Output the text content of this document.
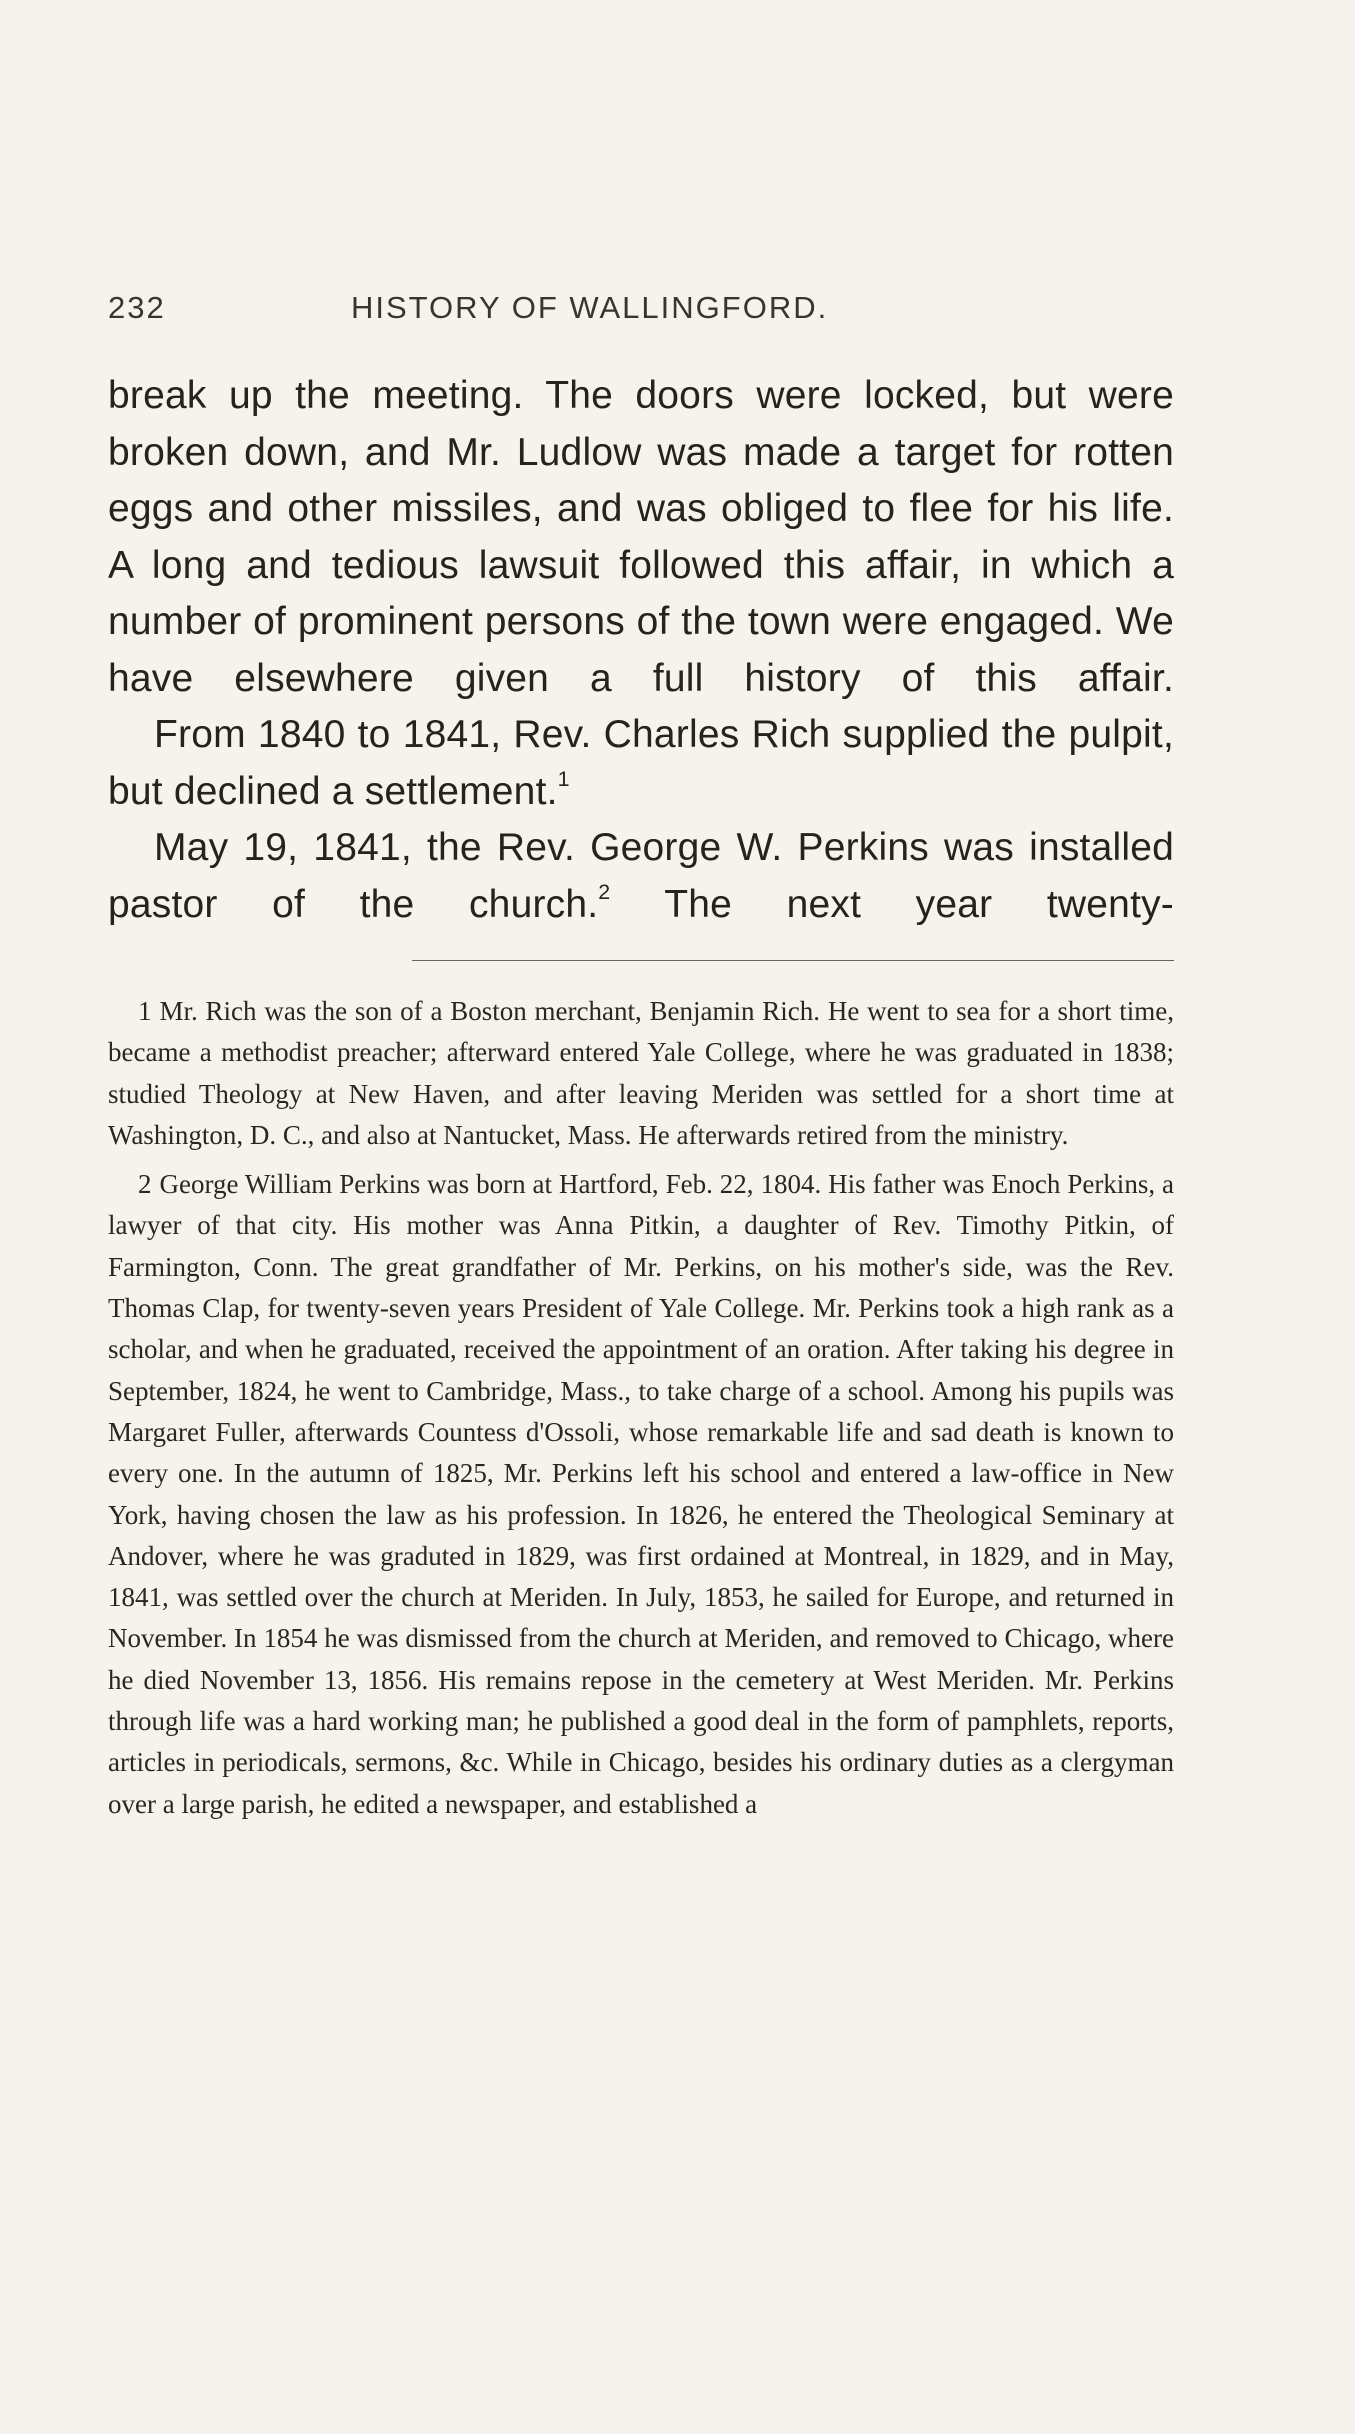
232	HISTORY OF WALLINGFORD.

break up the meeting. The doors were locked, but were broken down, and Mr. Ludlow was made a target for rotten eggs and other missiles, and was obliged to flee for his life. A long and tedious lawsuit followed this affair, in which a number of prominent persons of the town were engaged. We have elsewhere given a full history of this affair.

From 1840 to 1841, Rev. Charles Rich supplied the pulpit, but declined a settlement.$^1$

May 19, 1841, the Rev. George W. Perkins was installed pastor of the church.$^2$ The next year twenty-

1 Mr. Rich was the son of a Boston merchant, Benjamin Rich. He went to sea for a short time, became a methodist preacher; afterward entered Yale College, where he was graduated in 1838; studied Theology at New Haven, and after leaving Meriden was settled for a short time at Washington, D. C., and also at Nantucket, Mass. He afterwards retired from the ministry.

2 George William Perkins was born at Hartford, Feb. 22, 1804. His father was Enoch Perkins, a lawyer of that city. His mother was Anna Pitkin, a daughter of Rev. Timothy Pitkin, of Farmington, Conn. The great grandfather of Mr. Perkins, on his mother's side, was the Rev. Thomas Clap, for twenty-seven years President of Yale College. Mr. Perkins took a high rank as a scholar, and when he graduated, received the appointment of an oration. After taking his degree in September, 1824, he went to Cambridge, Mass., to take charge of a school. Among his pupils was Margaret Fuller, afterwards Countess d'Ossoli, whose remarkable life and sad death is known to every one. In the autumn of 1825, Mr. Perkins left his school and entered a law-office in New York, having chosen the law as his profession. In 1826, he entered the Theological Seminary at Andover, where he was graduted in 1829, was first ordained at Montreal, in 1829, and in May, 1841, was settled over the church at Meriden. In July, 1853, he sailed for Europe, and returned in November. In 1854 he was dismissed from the church at Meriden, and removed to Chicago, where he died November 13, 1856. His remains repose in the cemetery at West Meriden. Mr. Perkins through life was a hard working man; he published a good deal in the form of pamphlets, reports, articles in periodicals, sermons, &c. While in Chicago, besides his ordinary duties as a clergyman over a large parish, he edited a newspaper, and established a
